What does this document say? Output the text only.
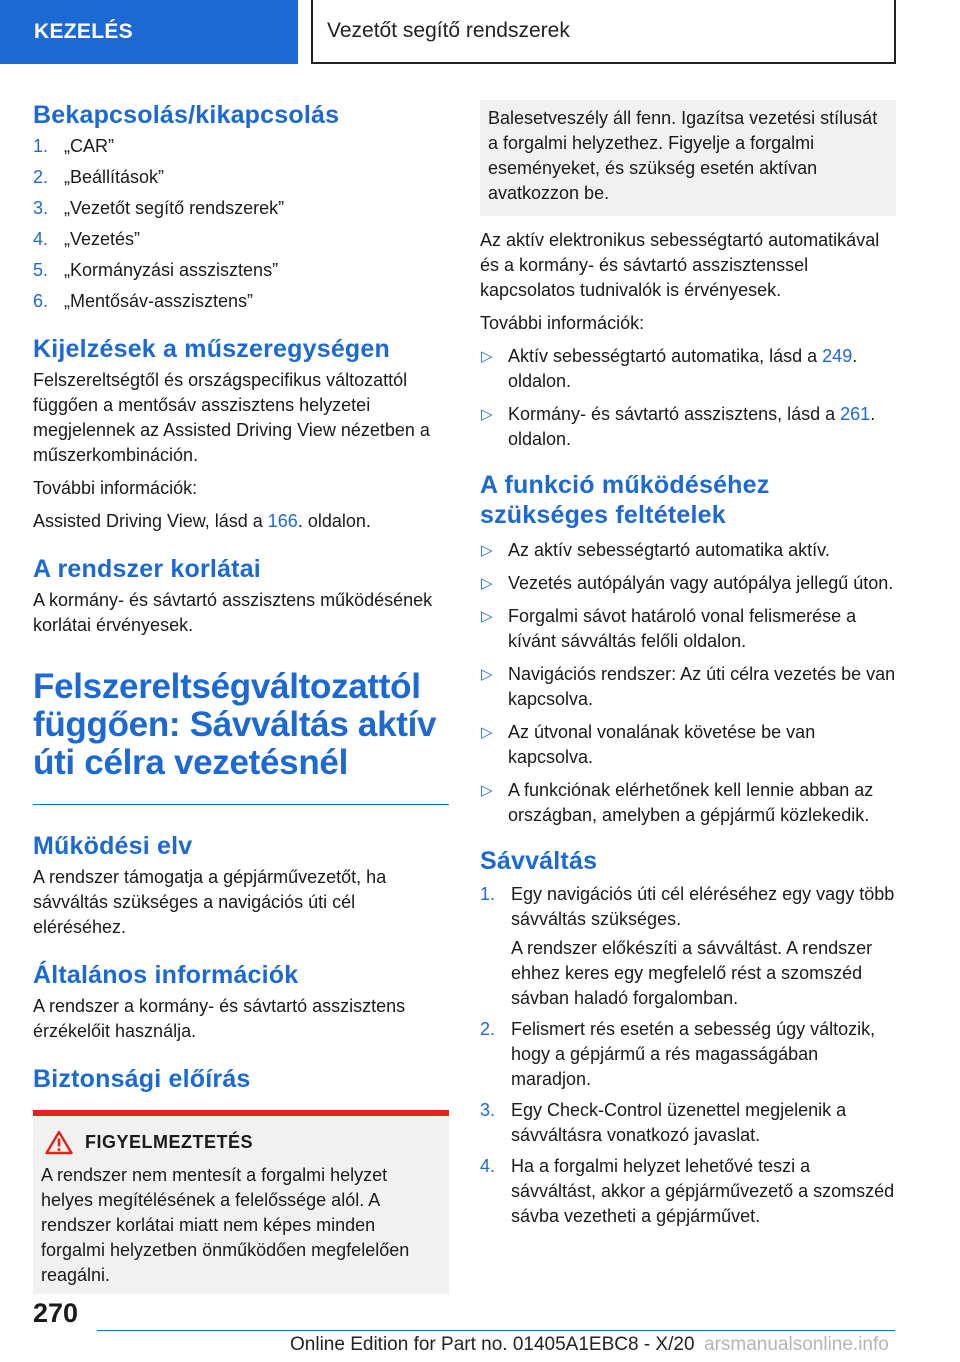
KEZELÉS	Vezetőt segítő rendszerek
Bekapcsolás/kikapcsolás
1. „CAR”
2. „Beállítások”
3. „Vezetőt segítő rendszerek”
4. „Vezetés”
5. „Kormányzási asszisztens”
6. „Mentősáv-asszisztens”
Kijelzések a műszeregységen

Felszereltségtől és országspecifikus változattól függően a mentősáv asszisztens helyzetei megjelennek az Assisted Driving View nézetben a műszerkombináción.

További információk:

Assisted Driving View, lásd a 166. oldalon.

A rendszer korlátai

A kormány- és sávtartó asszisztens működésének korlátai érvényesek.

Felszereltségváltozattól függően: Sávváltás aktív úti célra vezetésnél
Működési elv

A rendszer támogatja a gépjárművezetőt, ha sávváltás szükséges a navigációs úti cél eléréséhez.

Általános információk

A rendszer a kormány- és sávtartó asszisztens érzékelőit használja.

Biztonsági előírás
FIGYELMEZTETÉS

A rendszer nem mentesít a forgalmi helyzet helyes megítélésének a felelőssége alól. A rendszer korlátai miatt nem képes minden forgalmi helyzetben önműködően megfelelően reagálni.

Balesetveszély áll fenn. Igazítsa vezetési stílusát a forgalmi helyzethez. Figyelje a forgalmi eseményeket, és szükség esetén aktívan avatkozzon be.

Az aktív elektronikus sebességtartó automatikával és a kormány- és sávtartó asszisztenssel kapcsolatos tudnivalók is érvényesek.

További információk:

▷ Aktív sebességtartó automatika, lásd a 249. oldalon.
▷ Kormány- és sávtartó asszisztens, lásd a 261. oldalon.
A funkció működéséhez szükséges feltételek
▷ Az aktív sebességtartó automatika aktív.
▷ Vezetés autópályán vagy autópálya jellegű úton.
▷ Forgalmi sávot határoló vonal felismerése a kívánt sávváltás felőli oldalon.
▷ Navigációs rendszer: Az úti célra vezetés be van kapcsolva.
▷ Az útvonal vonalának követése be van kapcsolva.
▷ A funkciónak elérhetőnek kell lennie abban az országban, amelyben a gépjármű közlekedik.
Sávváltás
1. Egy navigációs úti cél eléréséhez egy vagy több sávváltás szükséges.

A rendszer előkészíti a sávváltást. A rendszer ehhez keres egy megfelelő rést a szomszéd sávban haladó forgalomban.

2. Felismert rés esetén a sebesség úgy változik, hogy a gépjármű a rés magasságában maradjon.
3. Egy Check-Control üzenettel megjelenik a sávváltásra vonatkozó javaslat.
4. Ha a forgalmi helyzet lehetővé teszi a sávváltást, akkor a gépjárművezető a szomszéd sávba vezetheti a gépjárművet.
270
Online Edition for Part no. 01405A1EBC8 - X/20 arsmanualsonline.info
